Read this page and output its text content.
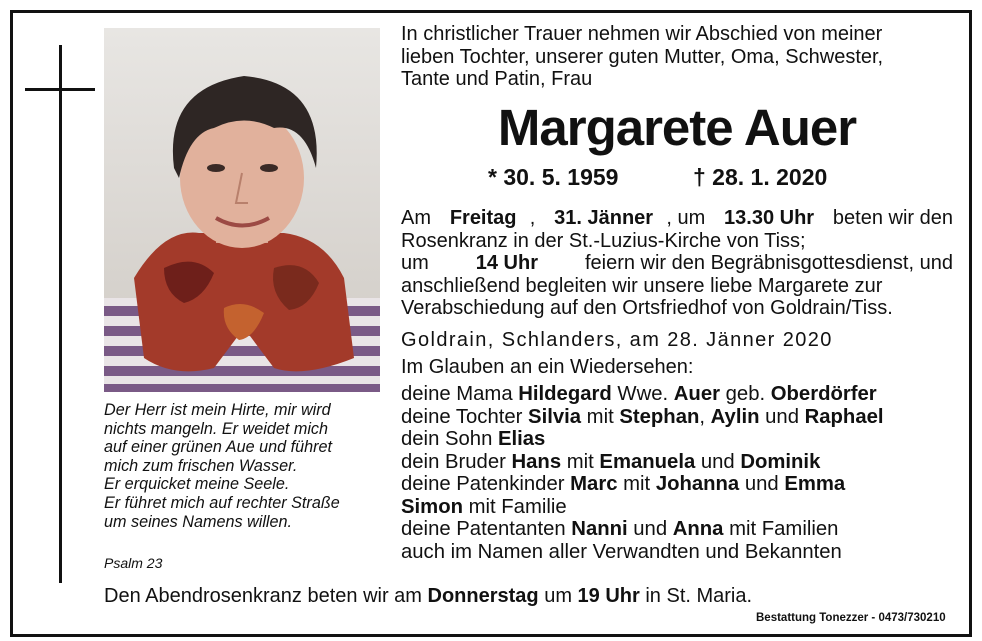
Der Herr ist mein Hirte, mir wird
nichts mangeln. Er weidet mich
auf einer grünen Aue und führet
mich zum frischen Wasser.
Er erquicket meine Seele.
Er führet mich auf rechter Straße
um seines Namens willen.
Psalm 23
In christlicher Trauer nehmen wir Abschied von meiner
lieben Tochter, unserer guten Mutter, Oma, Schwester,
Tante und Patin, Frau
Margarete Auer
* 30. 5. 1959	† 28. 1. 2020
Am Freitag , 31. Jänner , um 13.30 Uhr beten wir den
Rosenkranz in der St.-Luzius-Kirche von Tiss;
um 14 Uhr feiern wir den Begräbnisgottesdienst, und
anschließend begleiten wir unsere liebe Margarete zur
Verabschiedung auf den Ortsfriedhof von Goldrain/Tiss.
Goldrain, Schlanders, am 28. Jänner 2020
Im Glauben an ein Wiedersehen:
deine Mama Hildegard Wwe. Auer geb. Oberdörfer
deine Tochter Silvia mit Stephan, Aylin und Raphael
dein Sohn Elias
dein Bruder Hans mit Emanuela und Dominik
deine Patenkinder Marc mit Johanna und Emma
Simon mit Familie
deine Patentanten Nanni und Anna mit Familien
auch im Namen aller Verwandten und Bekannten
Den Abendrosenkranz beten wir am Donnerstag um 19 Uhr in St. Maria.
Bestattung Tonezzer - 0473/730210
